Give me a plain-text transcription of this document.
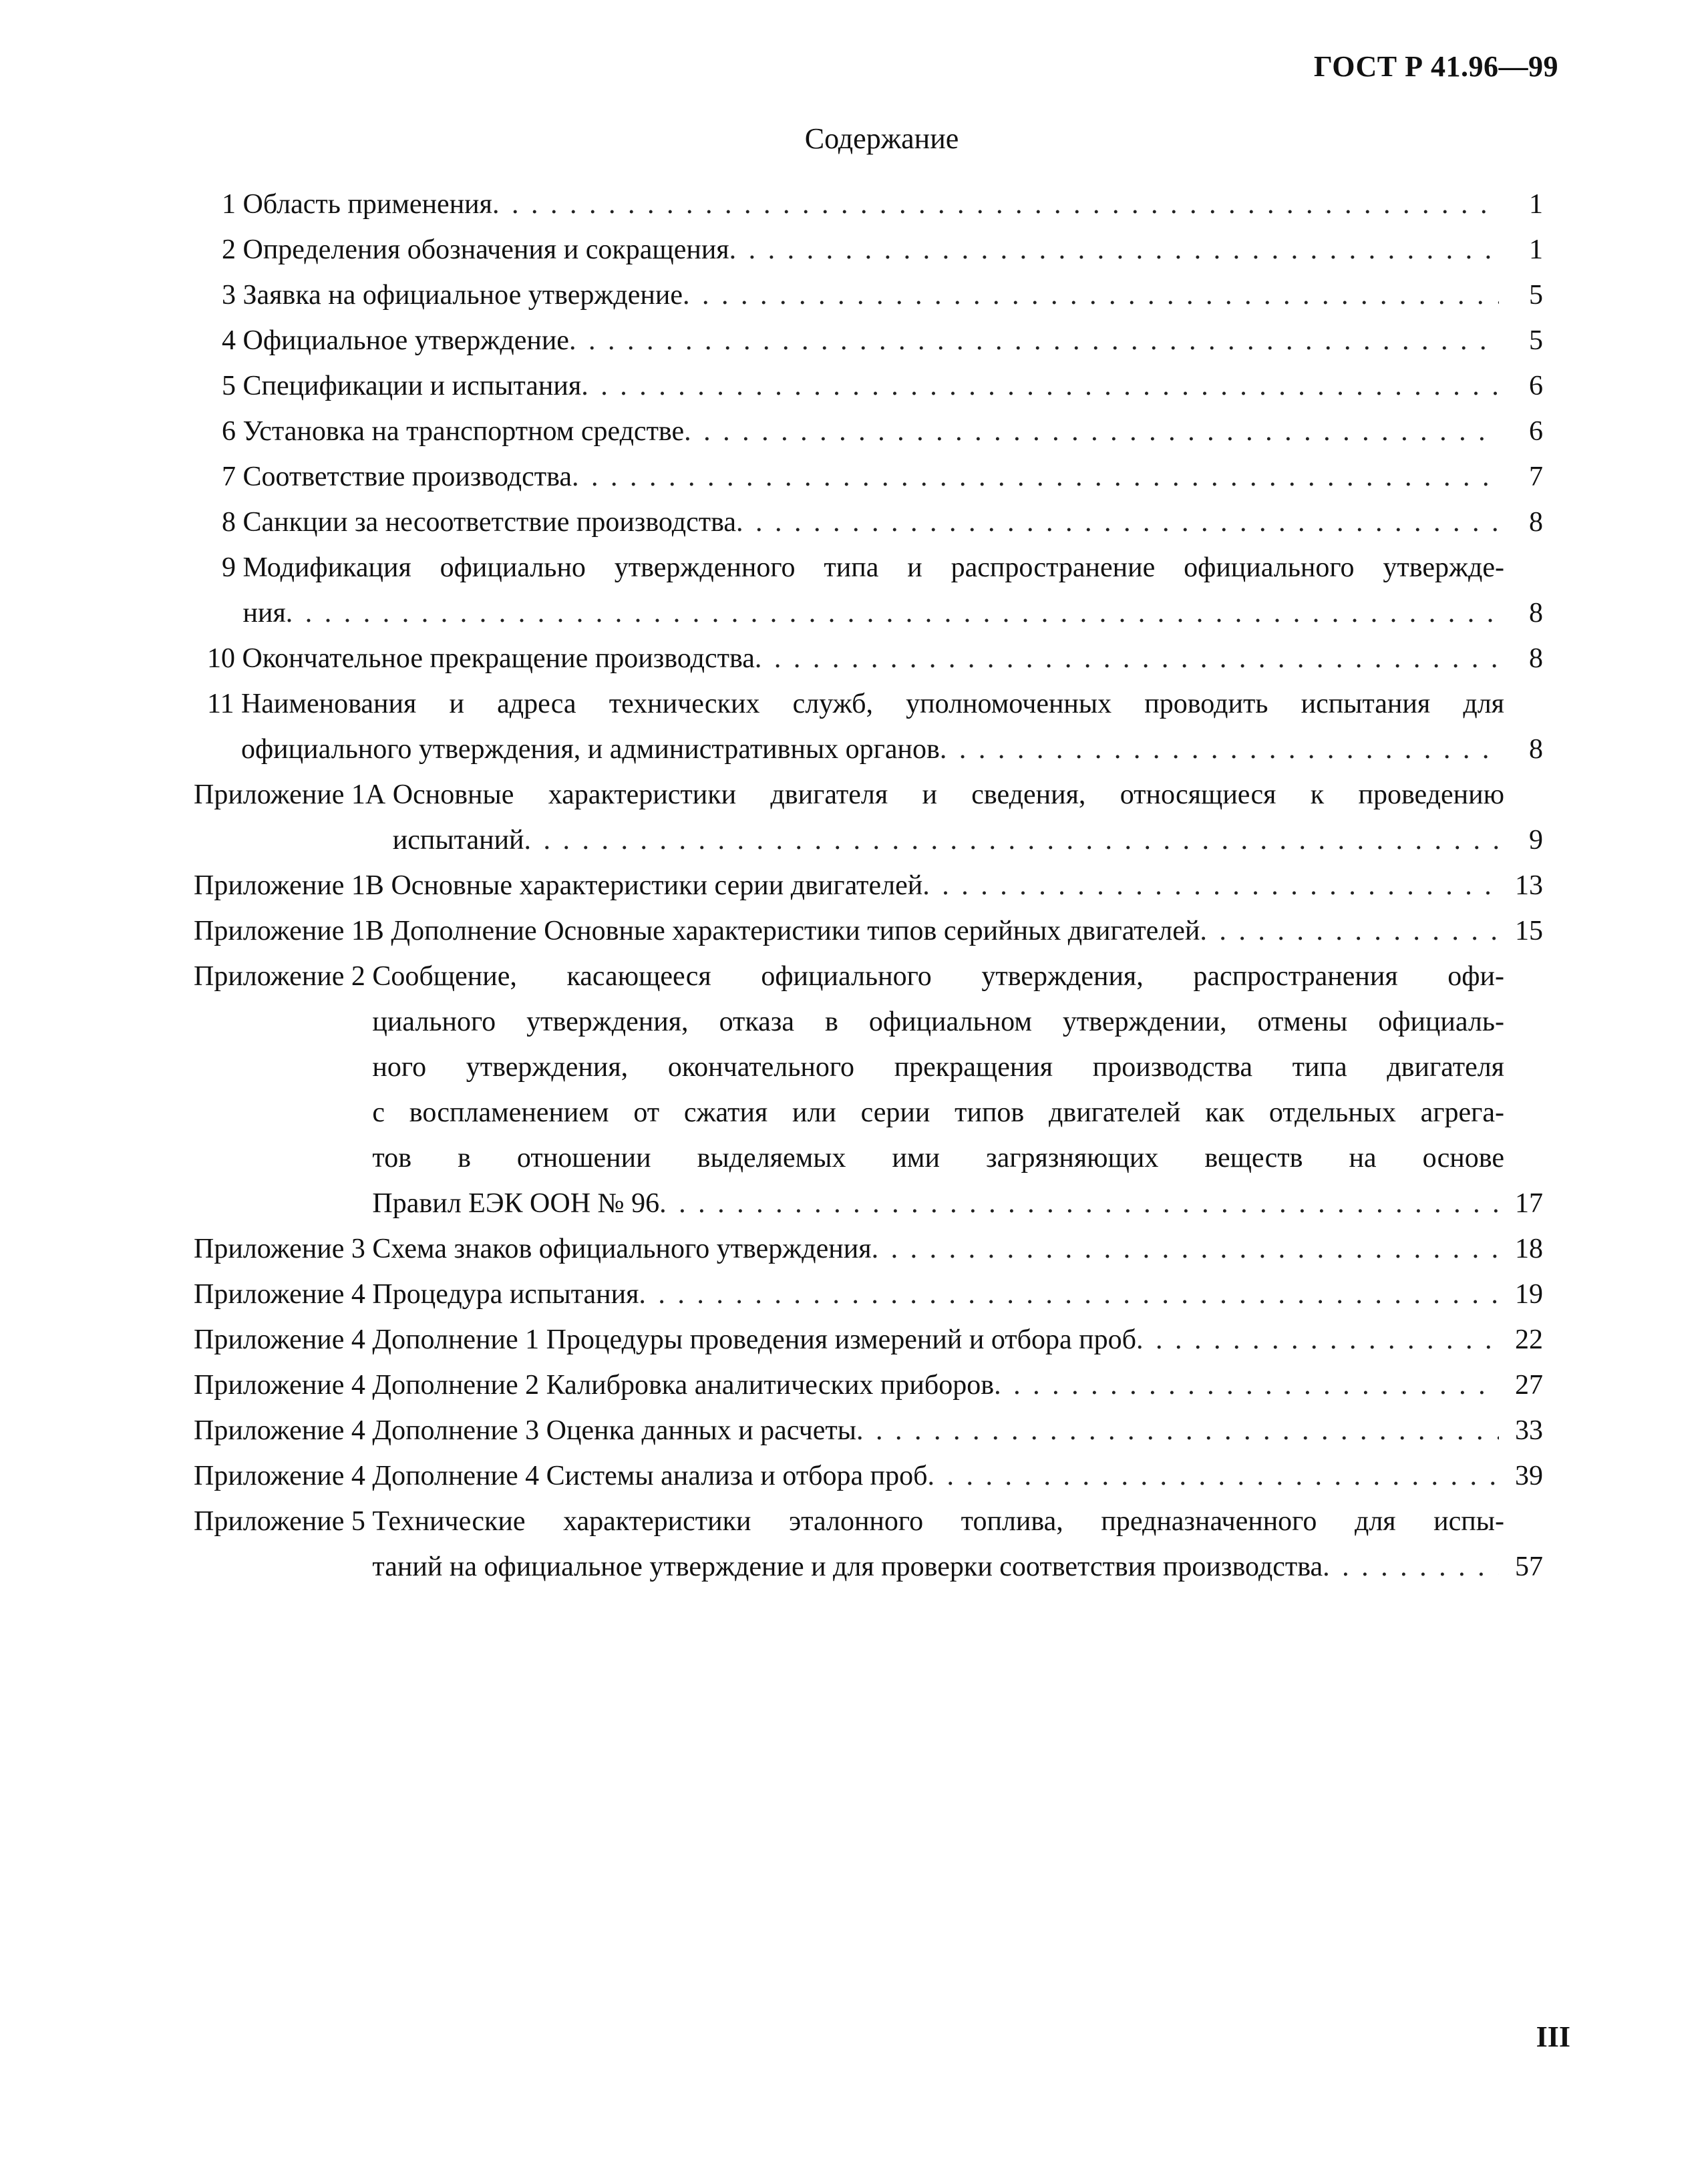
ГОСТ Р 41.96—99
Содержание
1 Область применения . . .	1
2 Определения обозначения и сокращения . . .	1
3 Заявка на официальное утверждение . . .	5
4 Официальное утверждение . . .	5
5 Спецификации и испытания . . .	6
6 Установка на транспортном средстве . . .	6
7 Соответствие производства . . .	7
8 Санкции за несоответствие производства . . .	8
9 Модификация официально утвержденного типа и распространение официального утвержде-
ния . . .	8
10 Окончательное прекращение производства . . .	8
11 Наименования и адреса технических служб, уполномоченных проводить испытания для
официального утверждения, и административных органов . . .	8
Приложение 1А Основные характеристики двигателя и сведения, относящиеся к проведению
испытаний . . .	9
Приложение 1В Основные характеристики серии двигателей . . .	13
Приложение 1В Дополнение Основные характеристики типов серийных двигателей . . .	15
Приложение 2 Сообщение, касающееся официального утверждения, распространения офи-
циального утверждения, отказа в официальном утверждении, отмены официаль-
ного утверждения, окончательного прекращения производства типа двигателя
с воспламенением от сжатия или серии типов двигателей как отдельных агрега-
тов в отношении выделяемых ими загрязняющих веществ на основе
Правил ЕЭК ООН № 96 . . .	17
Приложение 3 Схема знаков официального утверждения . . .	18
Приложение 4 Процедура испытания . . .	19
Приложение 4 Дополнение 1 Процедуры проведения измерений и отбора проб . . .	22
Приложение 4 Дополнение 2 Калибровка аналитических приборов . . .	27
Приложение 4 Дополнение 3 Оценка данных и расчеты . . .	33
Приложение 4 Дополнение 4 Системы анализа и отбора проб . . .	39
Приложение 5 Технические характеристики эталонного топлива, предназначенного для испы-
таний на официальное утверждение и для проверки соответствия производства . . .	57
III
